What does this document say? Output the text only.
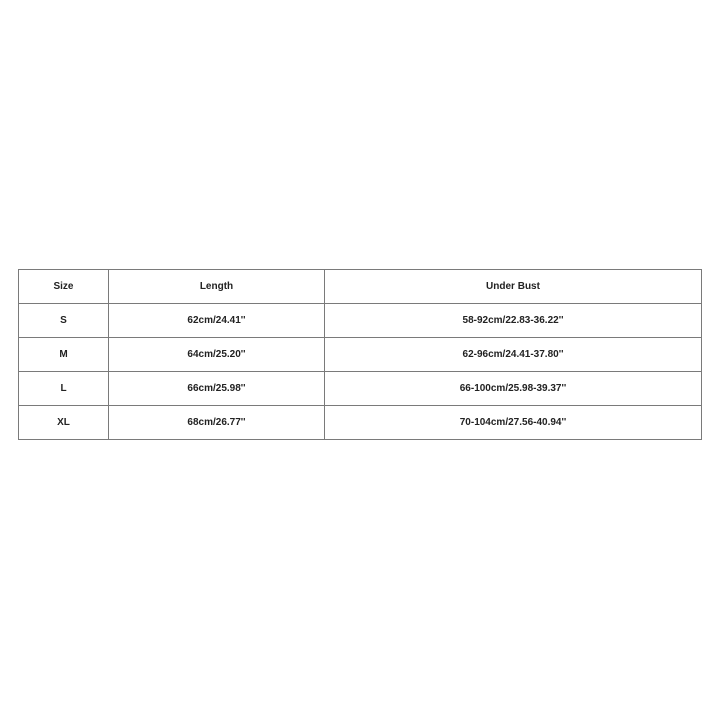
Size	Length	Under Bust
S	62cm/24.41''	58-92cm/22.83-36.22''
M	64cm/25.20''	62-96cm/24.41-37.80''
L	66cm/25.98''	66-100cm/25.98-39.37''
XL	68cm/26.77''	70-104cm/27.56-40.94''
